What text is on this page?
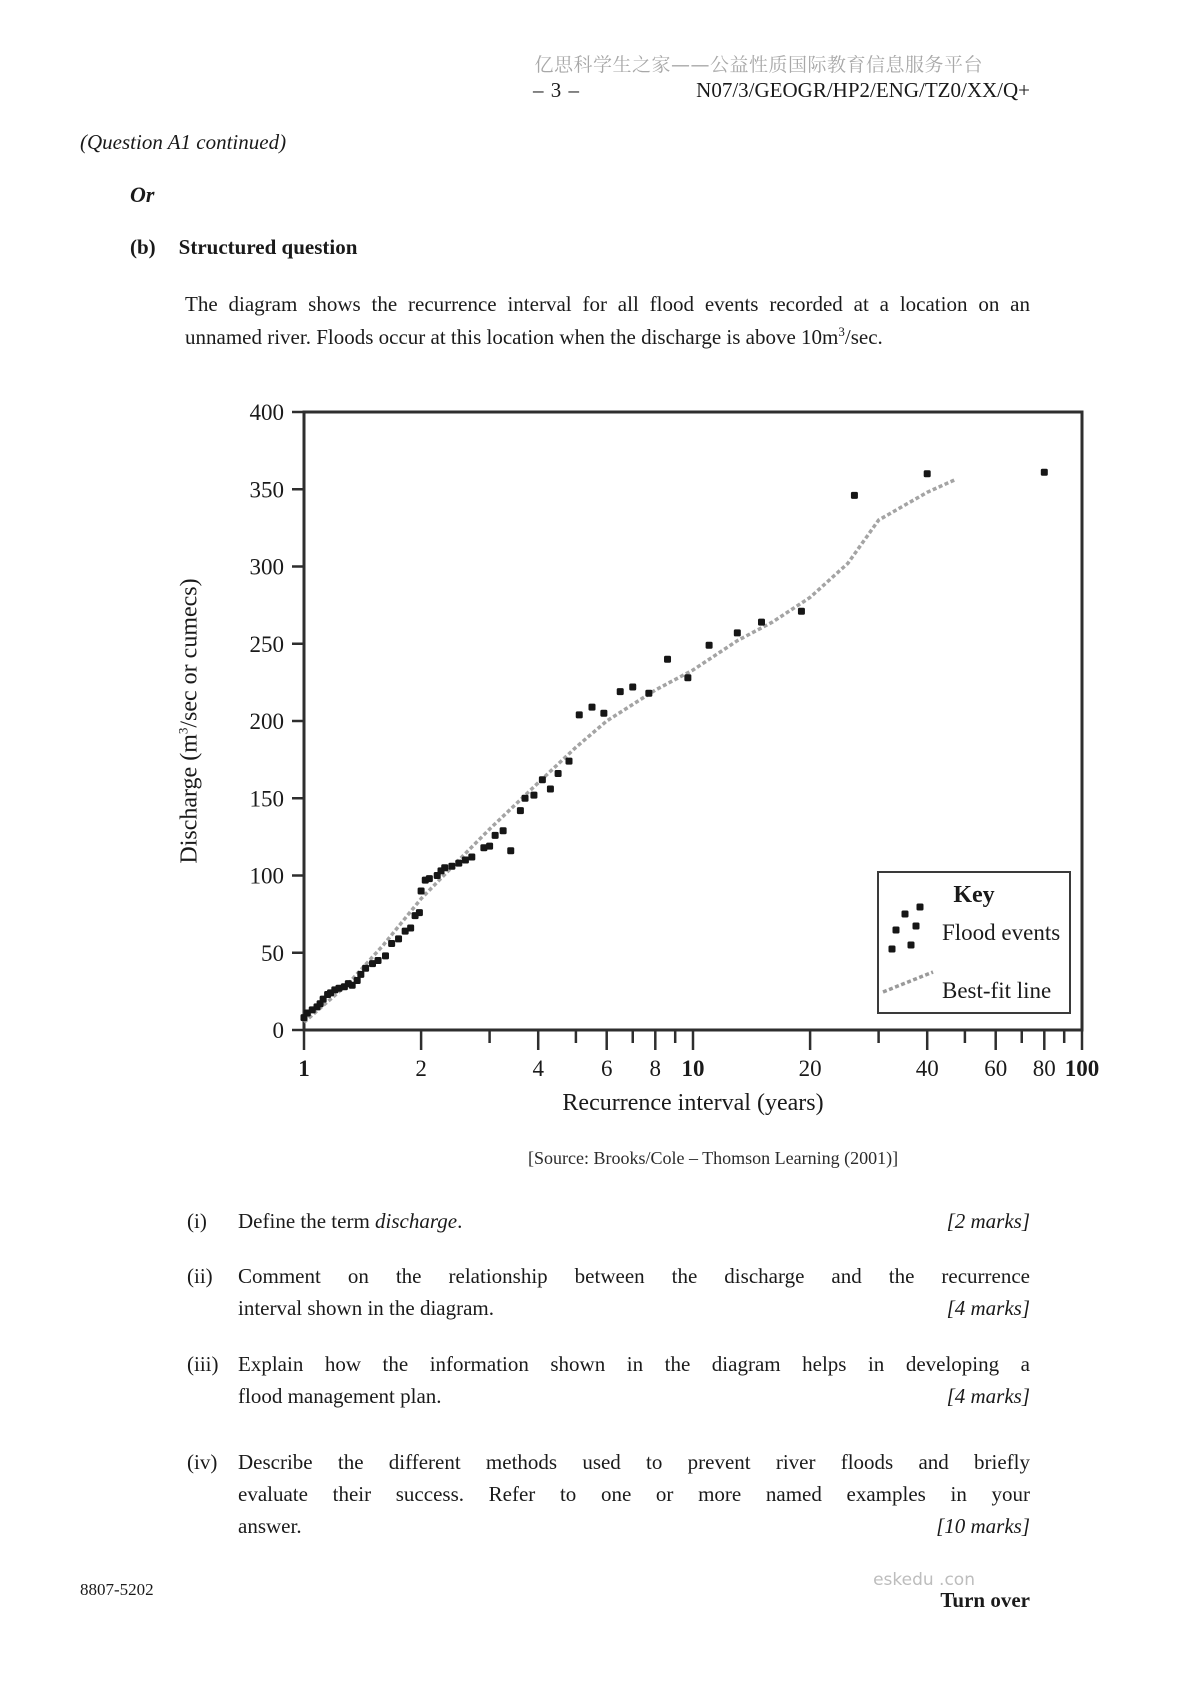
亿思科学生之家——公益性质国际教育信息服务平台
– 3 –	N07/3/GEOGR/HP2/ENG/TZ0/XX/Q+
(Question A1 continued)
Or
(b) Structured question
The diagram shows the recurrence interval for all flood events recorded at a location on an
unnamed river. Floods occur at this location when the discharge is above $10m^3/\sec$.
0
50
100
150
200
250
300
350
400
1	2	4 6 8 10	20	40 60 80 100
Recurrence interval (years)
Key
Flood events
Best-fit line
Discharge ($m^3/\sec$ or cumecs)
[Source: Brooks/Cole – Thomson Learning (2001)]
(i) Define the term discharge.	[2 marks]
(ii) Comment on the relationship between the discharge and the recurrence
interval shown in the diagram.	[4 marks]
(iii) Explain how the information shown in the diagram helps in developing a
flood management plan.	[4 marks]
(iv) Describe the different methods used to prevent river floods and briefly
evaluate their success. Refer to one or more named examples in your
answer.	[10 marks]
8807-5202	eskedu .con
Turn over
